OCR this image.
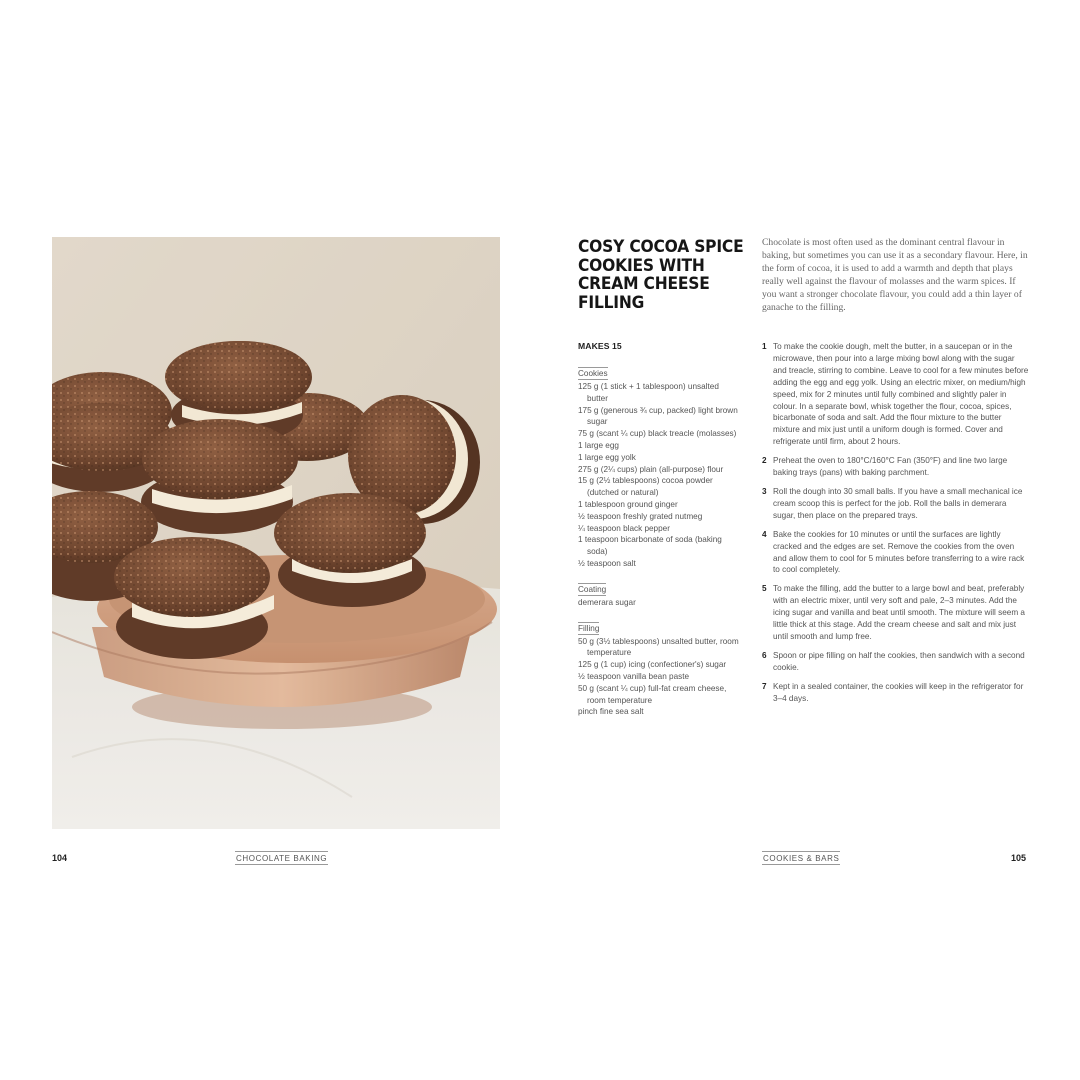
104	CHOCOLATE BAKING
COSY COCOA SPICE COOKIES WITH CREAM CHEESE FILLING

Chocolate is most often used as the dominant central flavour in baking, but sometimes you can use it as a secondary flavour. Here, in the form of cocoa, it is used to add a warmth and depth that plays really well against the flavour of molasses and the warm spices. If you want a stronger chocolate flavour, you could add a thin layer of ganache to the filling.

MAKES 15
Cookies
125 g (1 stick + 1 tablespoon) unsalted butter
175 g (generous ¾ cup, packed) light brown sugar
75 g (scant ¼ cup) black treacle (molasses)
1 large egg
1 large egg yolk
275 g (2¼ cups) plain (all-purpose) flour
15 g (2½ tablespoons) cocoa powder (dutched or natural)
1 tablespoon ground ginger
½ teaspoon freshly grated nutmeg
¼ teaspoon black pepper
1 teaspoon bicarbonate of soda (baking soda)
½ teaspoon salt
Coating
demerara sugar
Filling
50 g (3½ tablespoons) unsalted butter, room temperature
125 g (1 cup) icing (confectioner's) sugar
½ teaspoon vanilla bean paste
50 g (scant ¼ cup) full-fat cream cheese, room temperature
pinch fine sea salt
1 To make the cookie dough, melt the butter, in a saucepan or in the microwave, then pour into a large mixing bowl along with the sugar and treacle, stirring to combine. Leave to cool for a few minutes before adding the egg and egg yolk. Using an electric mixer, on medium/high speed, mix for 2 minutes until fully combined and slightly paler in colour. In a separate bowl, whisk together the flour, cocoa, spices, bicarbonate of soda and salt. Add the flour mixture to the butter mixture and mix just until a uniform dough is formed. Cover and refrigerate until firm, about 2 hours.
2 Preheat the oven to 180°C/160°C Fan (350°F) and line two large baking trays (pans) with baking parchment.
3 Roll the dough into 30 small balls. If you have a small mechanical ice cream scoop this is perfect for the job. Roll the balls in demerara sugar, then place on the prepared trays.
4 Bake the cookies for 10 minutes or until the surfaces are lightly cracked and the edges are set. Remove the cookies from the oven and allow them to cool for 5 minutes before transferring to a wire rack to cool completely.
5 To make the filling, add the butter to a large bowl and beat, preferably with an electric mixer, until very soft and pale, 2–3 minutes. Add the icing sugar and vanilla and beat until smooth. The mixture will seem a little thick at this stage. Add the cream cheese and salt and mix just until smooth and lump free.
6 Spoon or pipe filling on half the cookies, then sandwich with a second cookie.
7 Kept in a sealed container, the cookies will keep in the refrigerator for 3–4 days.
COOKIES & BARS	105
